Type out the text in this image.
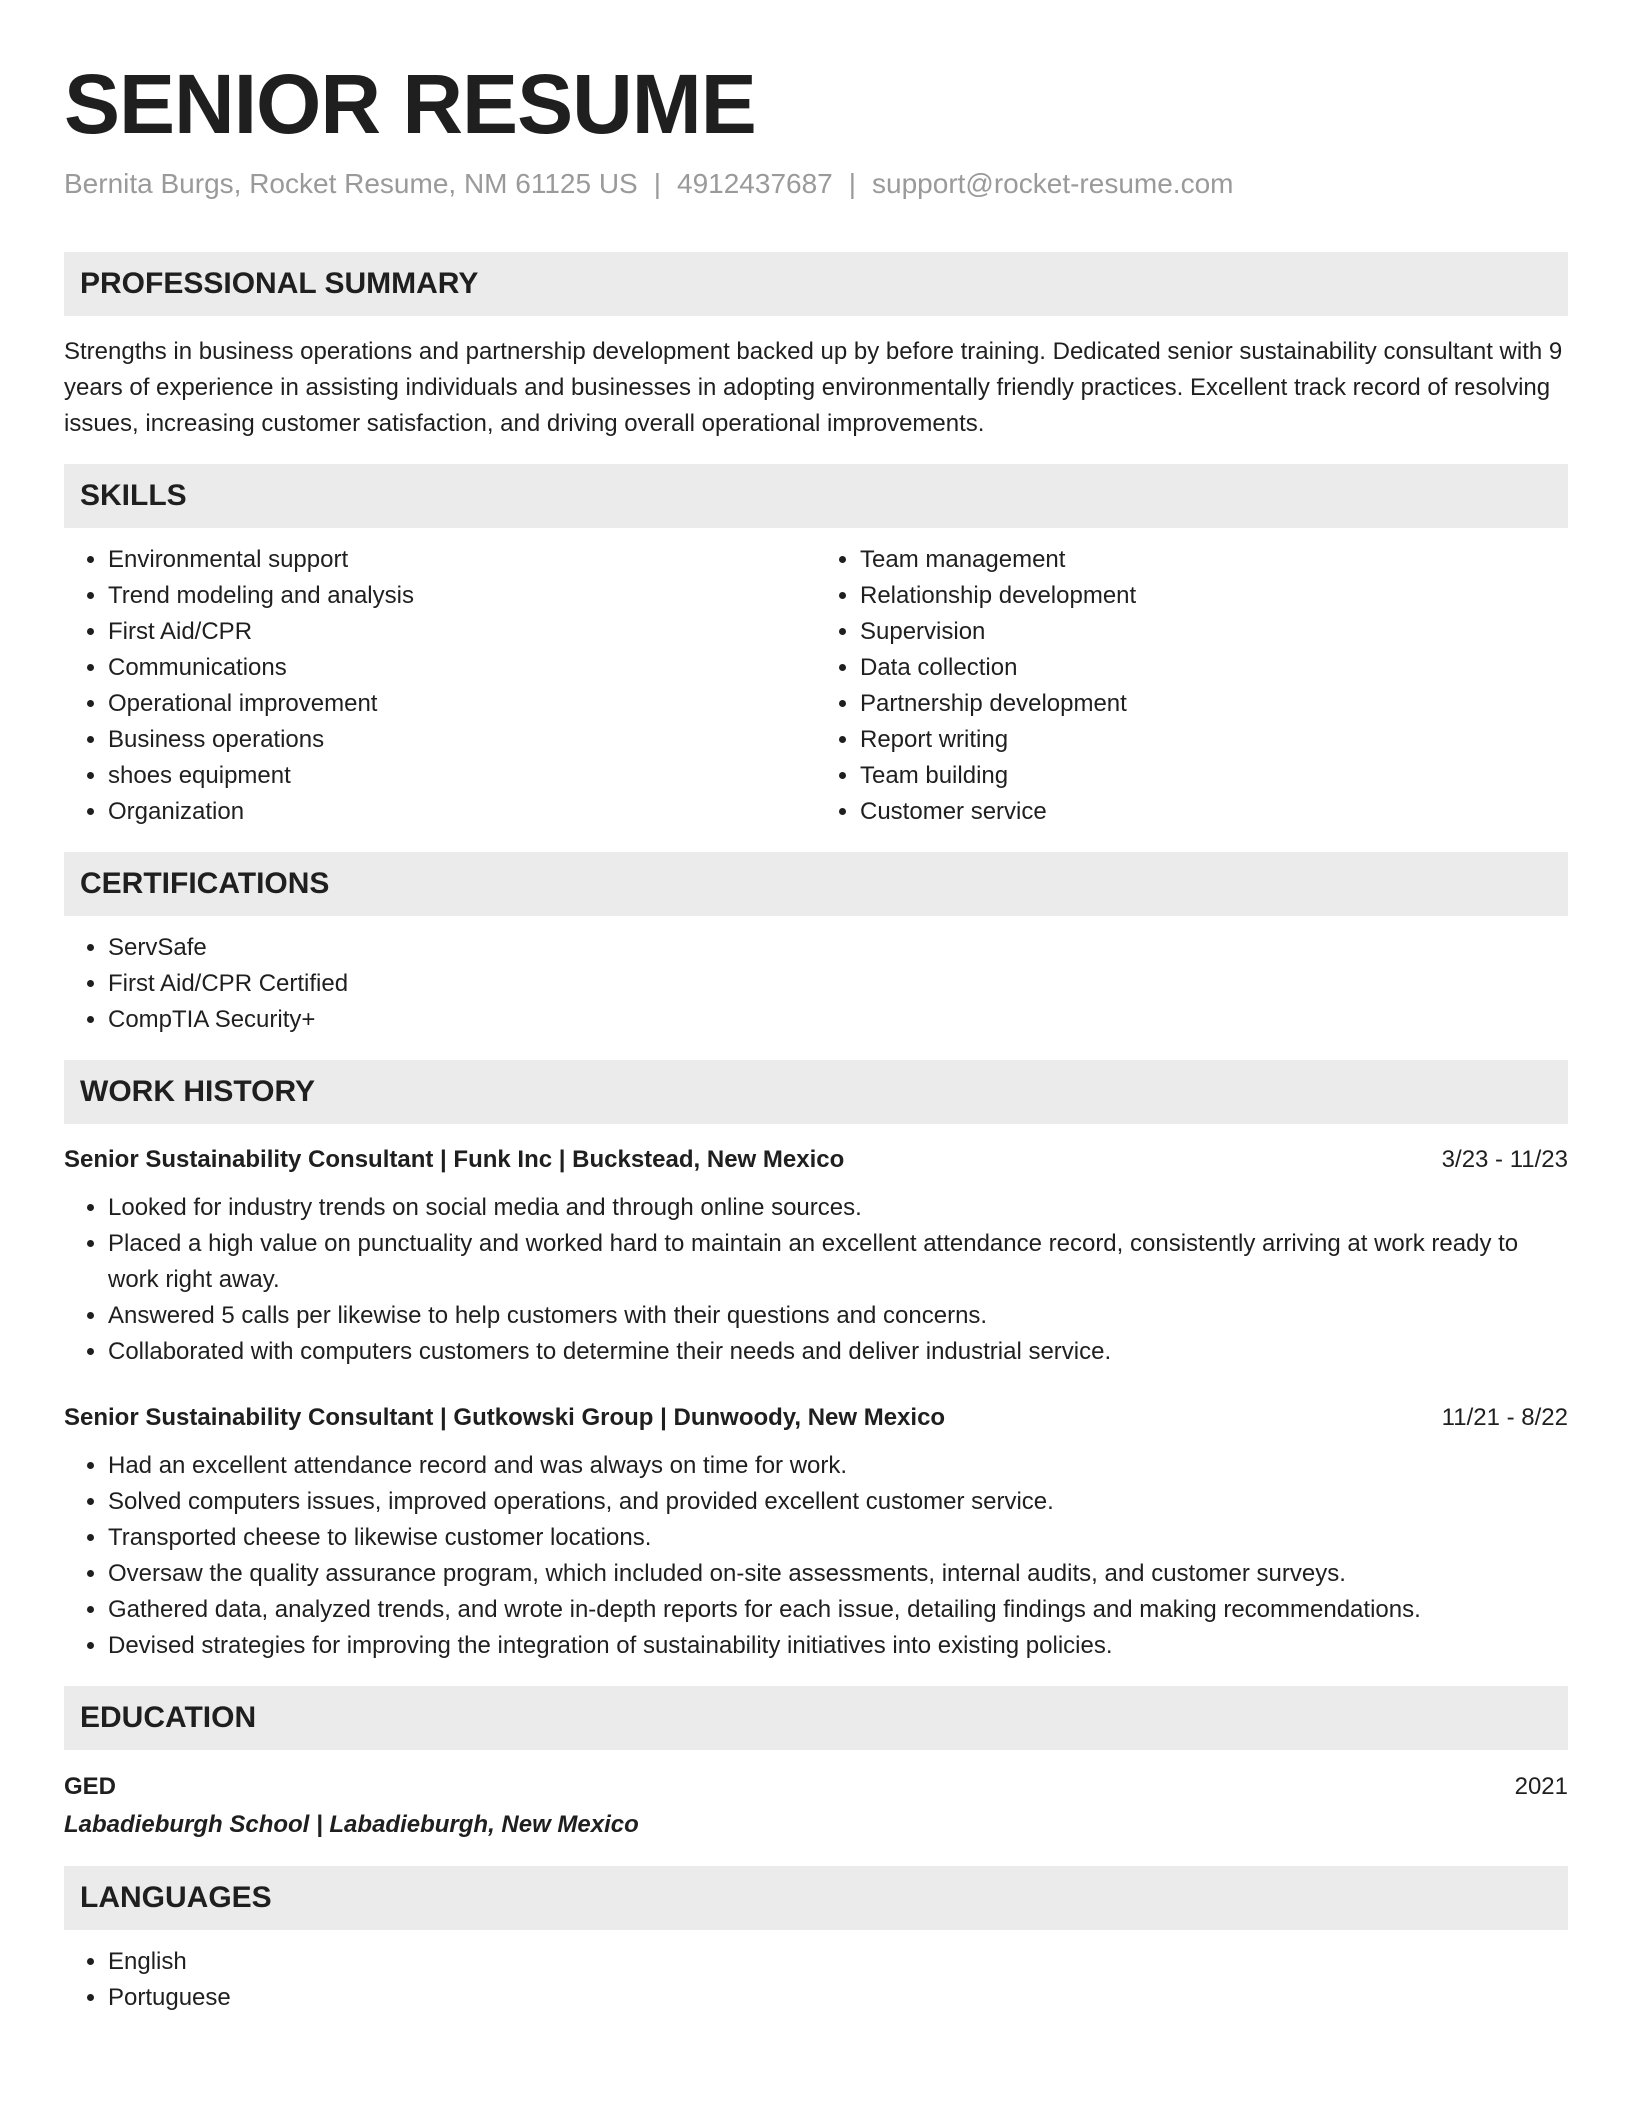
SENIOR RESUME
Bernita Burgs, Rocket Resume, NM 61125 US | 4912437687 | support@rocket-resume.com
PROFESSIONAL SUMMARY
Strengths in business operations and partnership development backed up by before training. Dedicated senior sustainability consultant with 9 years of experience in assisting individuals and businesses in adopting environmentally friendly practices. Excellent track record of resolving issues, increasing customer satisfaction, and driving overall operational improvements.
SKILLS
• Environmental support
• Trend modeling and analysis
• First Aid/CPR
• Communications
• Operational improvement
• Business operations
• shoes equipment
• Organization
• Team management
• Relationship development
• Supervision
• Data collection
• Partnership development
• Report writing
• Team building
• Customer service
CERTIFICATIONS
• ServSafe
• First Aid/CPR Certified
• CompTIA Security+
WORK HISTORY
Senior Sustainability Consultant | Funk Inc | Buckstead, New Mexico	3/23 - 11/23
• Looked for industry trends on social media and through online sources.
• Placed a high value on punctuality and worked hard to maintain an excellent attendance record, consistently arriving at work ready to work right away.
• Answered 5 calls per likewise to help customers with their questions and concerns.
• Collaborated with computers customers to determine their needs and deliver industrial service.
Senior Sustainability Consultant | Gutkowski Group | Dunwoody, New Mexico	11/21 - 8/22
• Had an excellent attendance record and was always on time for work.
• Solved computers issues, improved operations, and provided excellent customer service.
• Transported cheese to likewise customer locations.
• Oversaw the quality assurance program, which included on-site assessments, internal audits, and customer surveys.
• Gathered data, analyzed trends, and wrote in-depth reports for each issue, detailing findings and making recommendations.
• Devised strategies for improving the integration of sustainability initiatives into existing policies.
EDUCATION
GED	2021
Labadieburgh School | Labadieburgh, New Mexico
LANGUAGES
• English
• Portuguese
